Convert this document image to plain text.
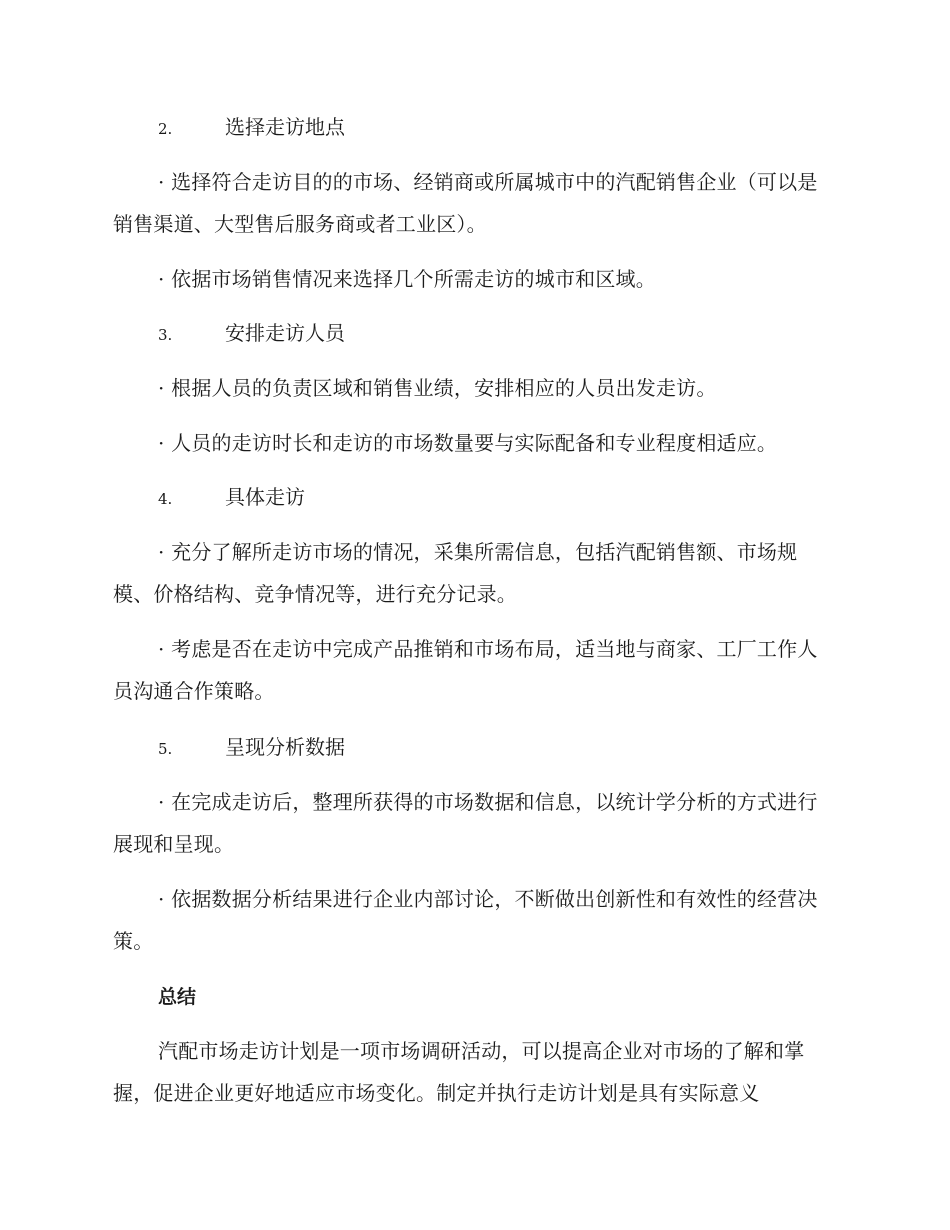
2.	选择走访地点
· 选择符合走访目的的市场、经销商或所属城市中的汽配销售企业（可以是销售渠道、大型售后服务商或者工业区）。
· 依据市场销售情况来选择几个所需走访的城市和区域。
3.	安排走访人员
· 根据人员的负责区域和销售业绩，安排相应的人员出发走访。
· 人员的走访时长和走访的市场数量要与实际配备和专业程度相适应。
4.	具体走访
· 充分了解所走访市场的情况，采集所需信息，包括汽配销售额、市场规模、价格结构、竞争情况等，进行充分记录。
· 考虑是否在走访中完成产品推销和市场布局，适当地与商家、工厂工作人员沟通合作策略。
5.	呈现分析数据
· 在完成走访后，整理所获得的市场数据和信息，以统计学分析的方式进行展现和呈现。
· 依据数据分析结果进行企业内部讨论，不断做出创新性和有效性的经营决策。
总结
汽配市场走访计划是一项市场调研活动，可以提高企业对市场的了解和掌握，促进企业更好地适应市场变化。制定并执行走访计划是具有实际意义
